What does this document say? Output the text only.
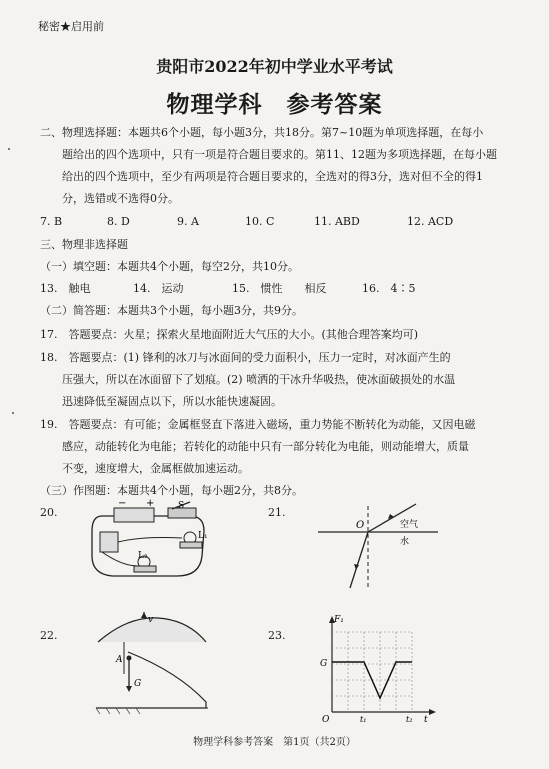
秘密★启用前
贵阳市2022年初中学业水平考试
物理学科　参考答案
二、物理选择题：本题共6个小题，每小题3分，共18分。第7~10题为单项选择题，在每小
题给出的四个选项中，只有一项是符合题目要求的。第11、12题为多项选择题，在每小题
给出的四个选项中，至少有两项是符合题目要求的，全选对的得3分，选对但不全的得1
分，选错或不选得0分。
7. B	8. D	9. A	10. C	11. ABD	12. ACD
三、物理非选择题
（一）填空题：本题共4个小题，每空2分，共10分。
13.　触电	14.　运动	15.　惯性　　相反	16.　4∶5
（二）简答题：本题共3个小题，每小题3分，共9分。
17.　答题要点：火星；探索火星地面附近大气压的大小。(其他合理答案均可)
18.　答题要点：(1) 锋利的冰刀与冰面间的受力面积小，压力一定时，对冰面产生的
压强大，所以在冰面留下了划痕。(2) 喷洒的干冰升华吸热，使冰面破损处的水温
迅速降低至凝固点以下，所以水能快速凝固。
19.　答题要点：有可能；金属框竖直下落进入磁场，重力势能不断转化为动能，又因电磁
感应，动能转化为电能；若转化的动能中只有一部分转化为电能，则动能增大，质量
不变，速度增大，金属框做加速运动。
（三）作图题：本题共4个小题，每小题2分，共8分。
20.
− +	S
L₁
L₂
21.
O	空气
水
22.
v
A
G
23.
F₁
G
O	t₁	t₂ t
物理学科参考答案　第1页（共2页）
